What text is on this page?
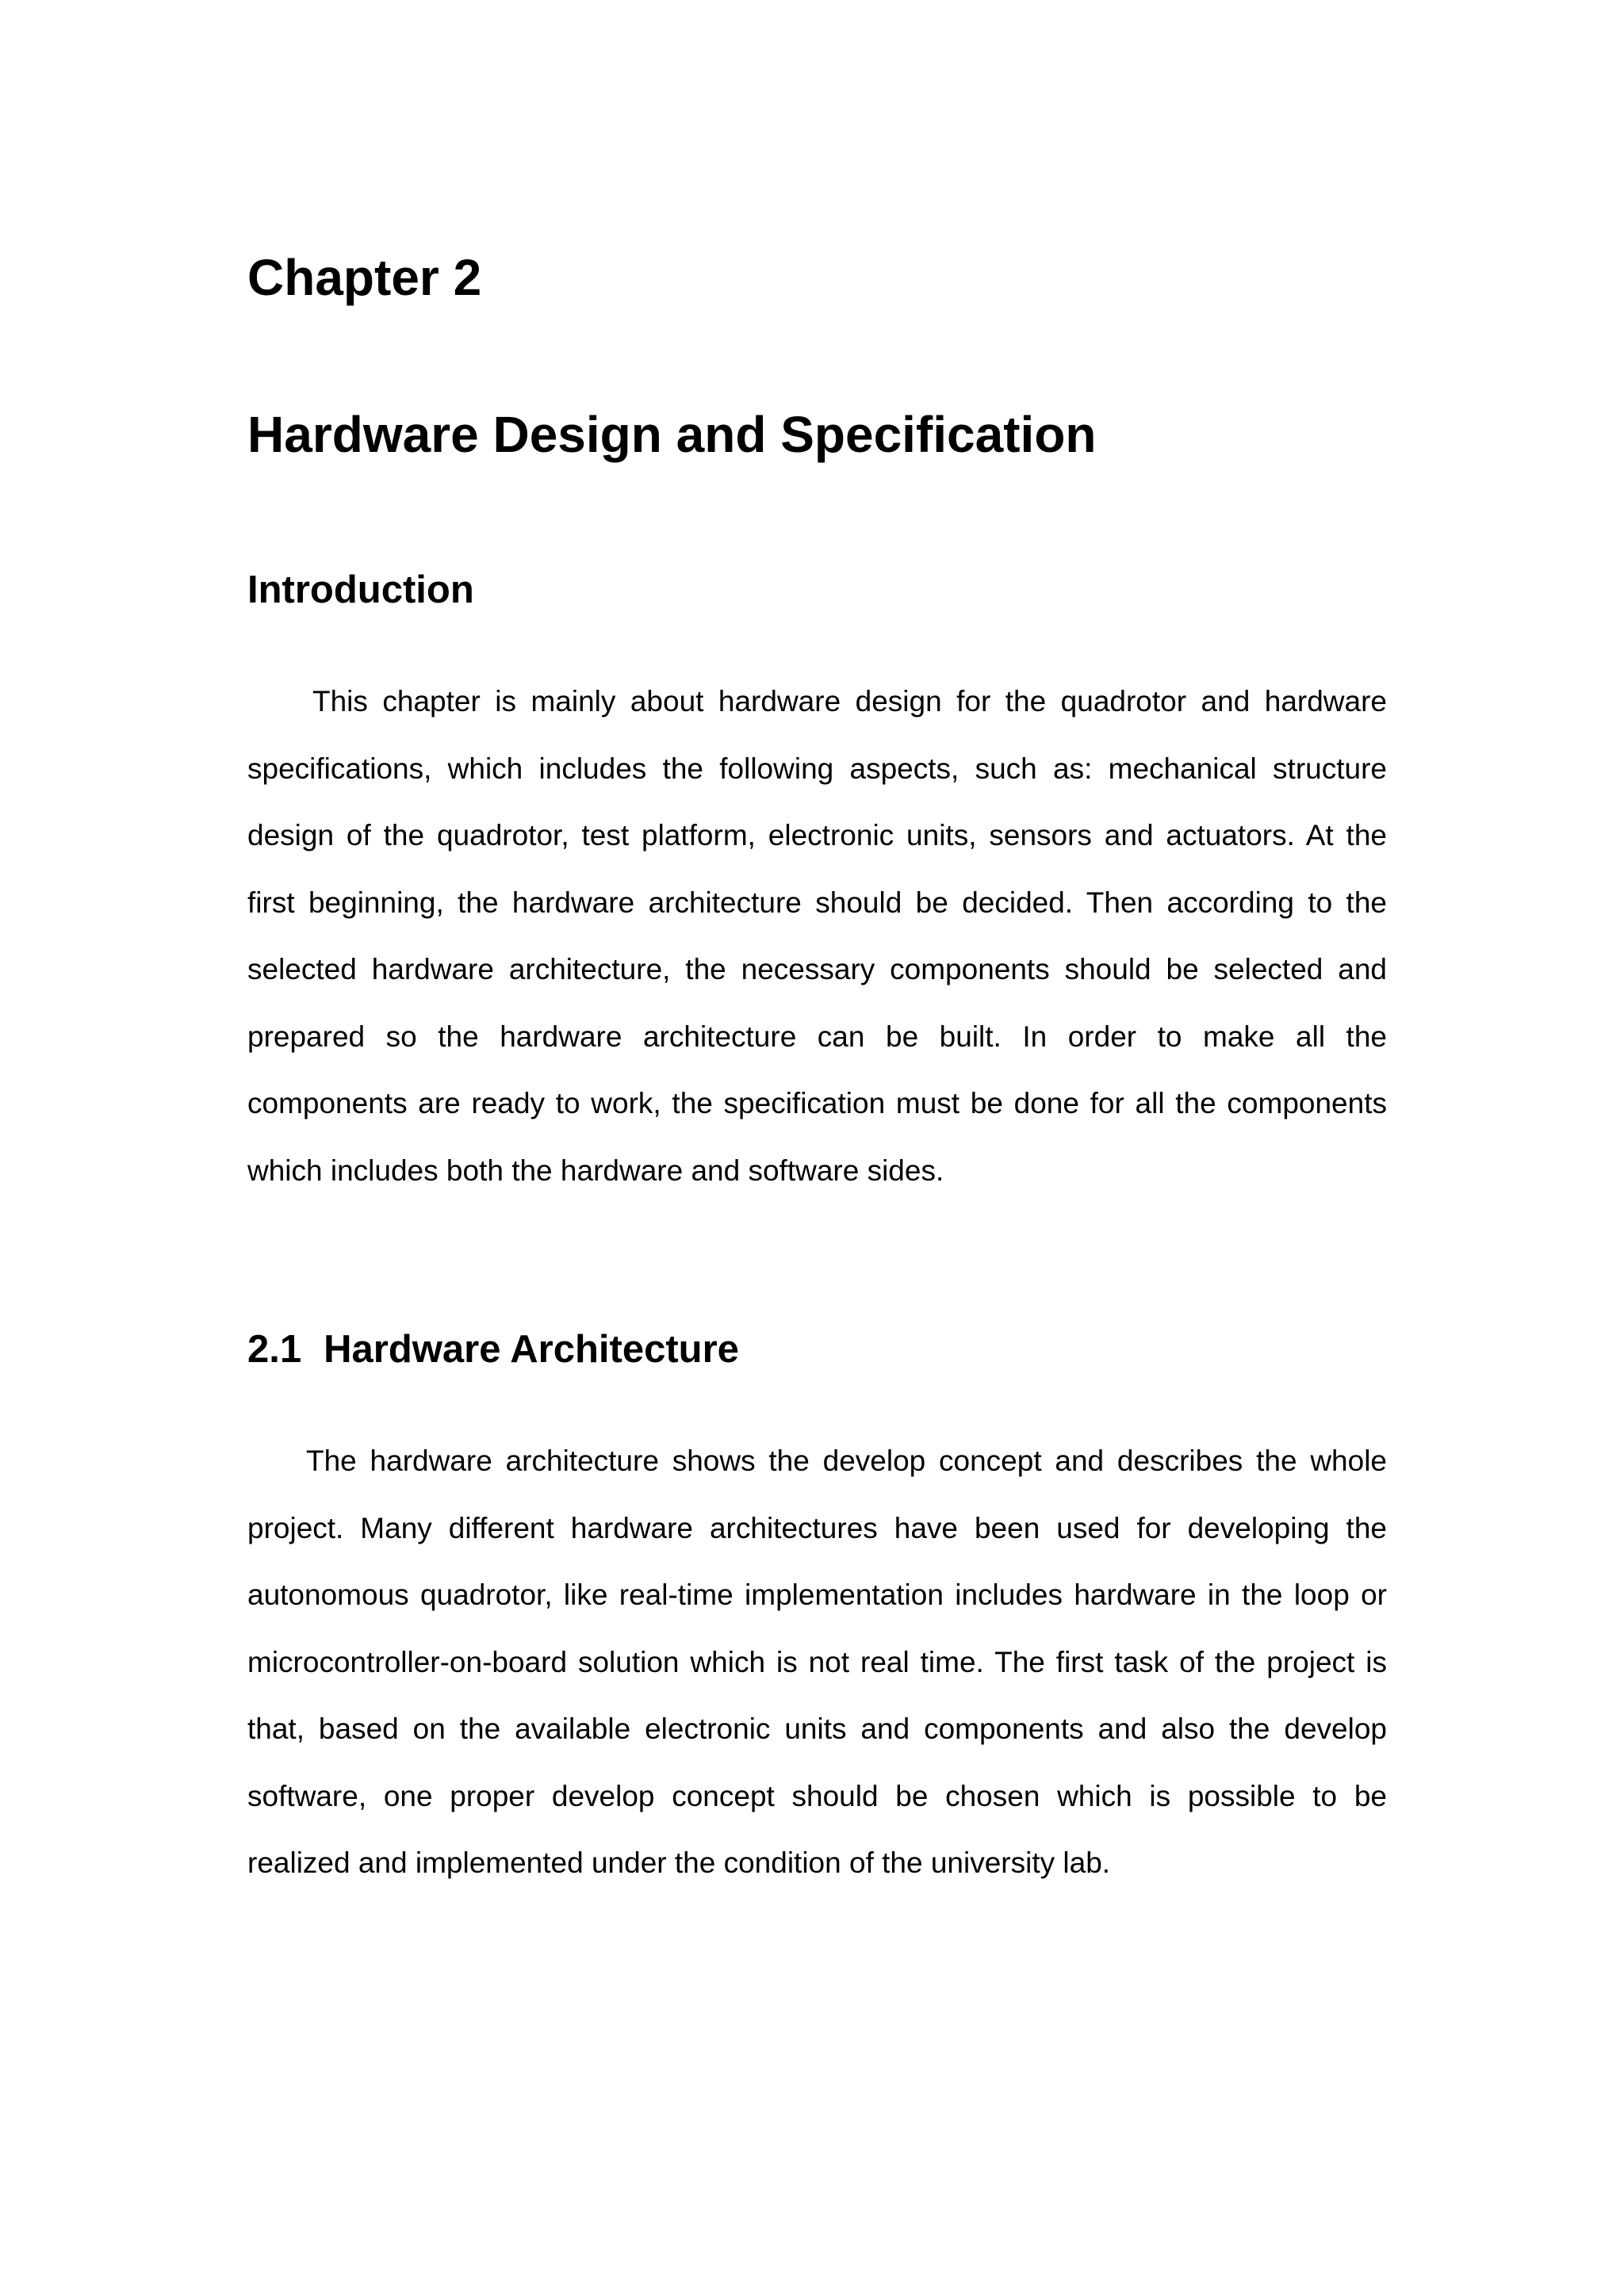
Chapter 2
Hardware Design and Specification
Introduction

This chapter is mainly about hardware design for the quadrotor and hardware specifications, which includes the following aspects, such as: mechanical structure design of the quadrotor, test platform, electronic units, sensors and actuators. At the first beginning, the hardware architecture should be decided. Then according to the selected hardware architecture, the necessary components should be selected and prepared so the hardware architecture can be built. In order to make all the components are ready to work, the specification must be done for all the components which includes both the hardware and software sides.

2.1 Hardware Architecture

The hardware architecture shows the develop concept and describes the whole project. Many different hardware architectures have been used for developing the autonomous quadrotor, like real-time implementation includes hardware in the loop or microcontroller-on-board solution which is not real time. The first task of the project is that, based on the available electronic units and components and also the develop software, one proper develop concept should be chosen which is possible to be realized and implemented under the condition of the university lab.
